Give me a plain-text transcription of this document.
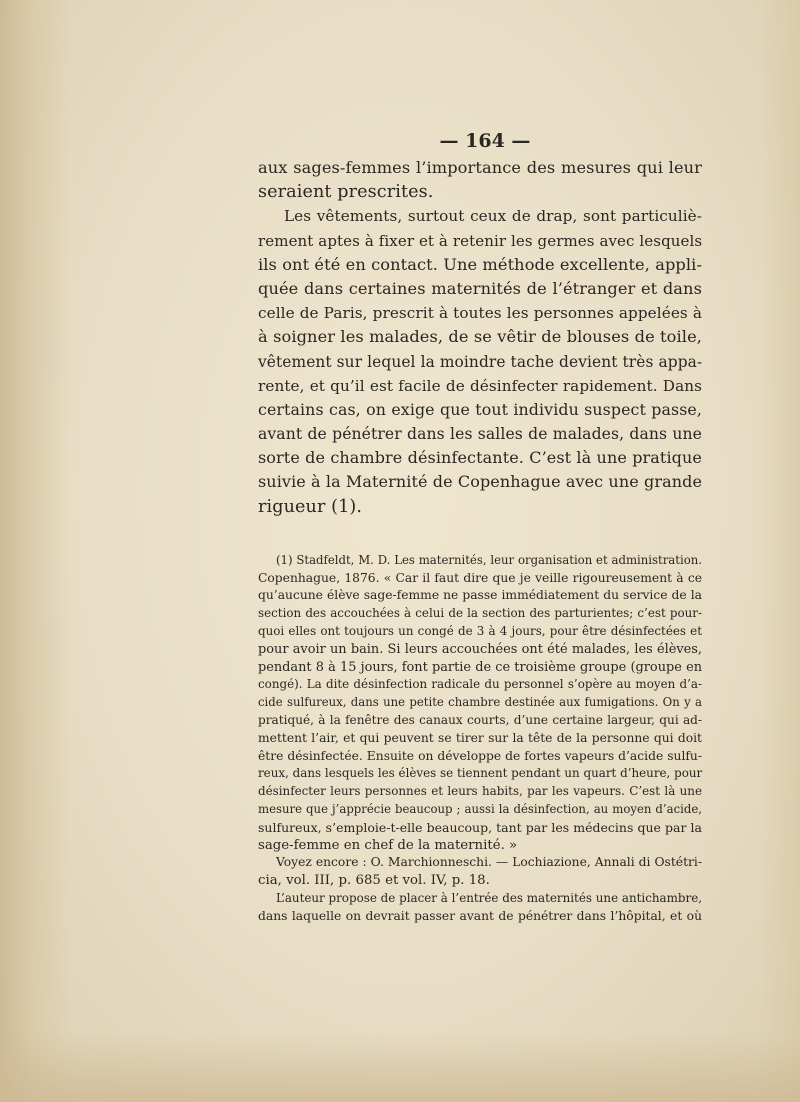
— 164 —
aux sages-femmes l’importance des mesures qui leur
seraient prescrites.
Les vêtements, surtout ceux de drap, sont particuliè-
rement aptes à fixer et à retenir les germes avec lesquels
ils ont été en contact. Une méthode excellente, appli-
quée dans certaines maternités de l’étranger et dans
celle de Paris, prescrit à toutes les personnes appelées à
à soigner les malades, de se vêtir de blouses de toile,
vêtement sur lequel la moindre tache devient très appa-
rente, et qu’il est facile de désinfecter rapidement. Dans
certains cas, on exige que tout individu suspect passe,
avant de pénétrer dans les salles de malades, dans une
sorte de chambre désinfectante. C’est là une pratique
suivie à la Maternité de Copenhague avec une grande
rigueur (1).
(1) Stadfeldt, M. D. Les maternités, leur organisation et administration.
Copenhague, 1876. « Car il faut dire que je veille rigoureusement à ce
qu’aucune élève sage-femme ne passe immédiatement du service de la
section des accouchées à celui de la section des parturientes; c’est pour-
quoi elles ont toujours un congé de 3 à 4 jours, pour être désinfectées et
pour avoir un bain. Si leurs accouchées ont été malades, les élèves,
pendant 8 à 15 jours, font partie de ce troisième groupe (groupe en
congé). La dite désinfection radicale du personnel s’opère au moyen d’a-
cide sulfureux, dans une petite chambre destinée aux fumigations. On y a
pratiqué, à la fenêtre des canaux courts, d’une certaine largeur, qui ad-
mettent l’air, et qui peuvent se tirer sur la tête de la personne qui doit
être désinfectée. Ensuite on développe de fortes vapeurs d’acide sulfu-
reux, dans lesquels les élèves se tiennent pendant un quart d’heure, pour
désinfecter leurs personnes et leurs habits, par les vapeurs. C’est là une
mesure que j’apprécie beaucoup ; aussi la désinfection, au moyen d’acide,
sulfureux, s’emploie-t-elle beaucoup, tant par les médecins que par la
sage-femme en chef de la maternité. »
Voyez encore : O. Marchionneschi. — Lochiazione, Annali di Ostétri-
cia, vol. III, p. 685 et vol. IV, p. 18.
L’auteur propose de placer à l’entrée des maternités une antichambre,
dans laquelle on devrait passer avant de pénétrer dans l’hôpital, et où
